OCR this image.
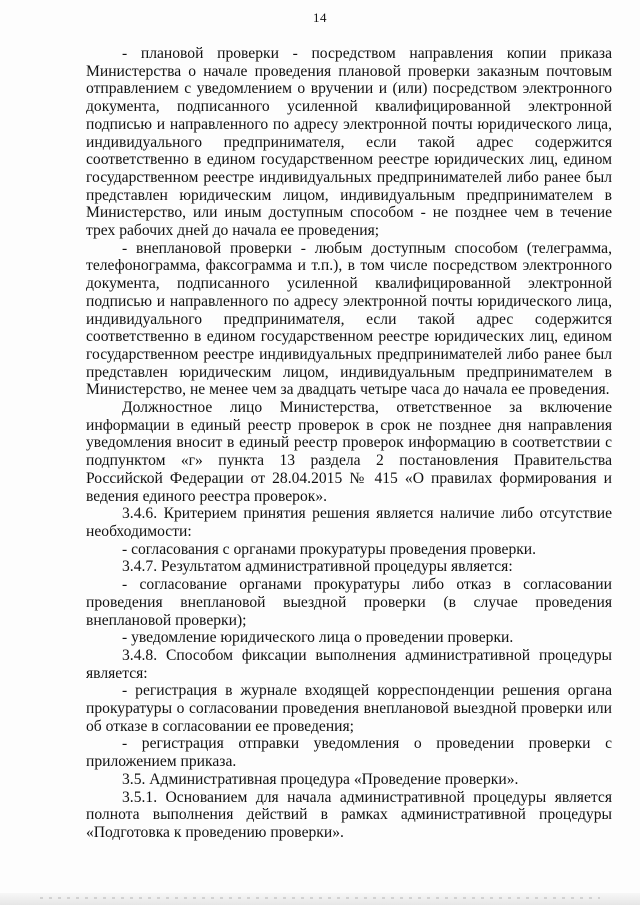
14

- плановой проверки - посредством направления копии приказа Министерства о начале проведения плановой проверки заказным почтовым отправлением с уведомлением о вручении и (или) посредством электронного документа, подписанного усиленной квалифицированной электронной подписью и направленного по адресу электронной почты юридического лица, индивидуального предпринимателя, если такой адрес содержится соответственно в едином государственном реестре юридических лиц, едином государственном реестре индивидуальных предпринимателей либо ранее был представлен юридическим лицом, индивидуальным предпринимателем в Министерство, или иным доступным способом - не позднее чем в течение трех рабочих дней до начала ее проведения;

- внеплановой проверки - любым доступным способом (телеграмма, телефонограмма, факсограмма и т.п.), в том числе посредством электронного документа, подписанного усиленной квалифицированной электронной подписью и направленного по адресу электронной почты юридического лица, индивидуального предпринимателя, если такой адрес содержится соответственно в едином государственном реестре юридических лиц, едином государственном реестре индивидуальных предпринимателей либо ранее был представлен юридическим лицом, индивидуальным предпринимателем в Министерство, не менее чем за двадцать четыре часа до начала ее проведения.

Должностное лицо Министерства, ответственное за включение информации в единый реестр проверок в срок не позднее дня направления уведомления вносит в единый реестр проверок информацию в соответствии с подпунктом «г» пункта 13 раздела 2 постановления Правительства Российской Федерации от 28.04.2015 № 415 «О правилах формирования и ведения единого реестра проверок».

3.4.6. Критерием принятия решения является наличие либо отсутствие необходимости:

- согласования с органами прокуратуры проведения проверки.

3.4.7. Результатом административной процедуры является:

- согласование органами прокуратуры либо отказ в согласовании проведения внеплановой выездной проверки (в случае проведения внеплановой проверки);

- уведомление юридического лица о проведении проверки.

3.4.8. Способом фиксации выполнения административной процедуры является:

- регистрация в журнале входящей корреспонденции решения органа прокуратуры о согласовании проведения внеплановой выездной проверки или об отказе в согласовании ее проведения;

- регистрация отправки уведомления о проведении проверки с приложением приказа.

3.5. Административная процедура «Проведение проверки».

3.5.1. Основанием для начала административной процедуры является полнота выполнения действий в рамках административной процедуры «Подготовка к проведению проверки».
